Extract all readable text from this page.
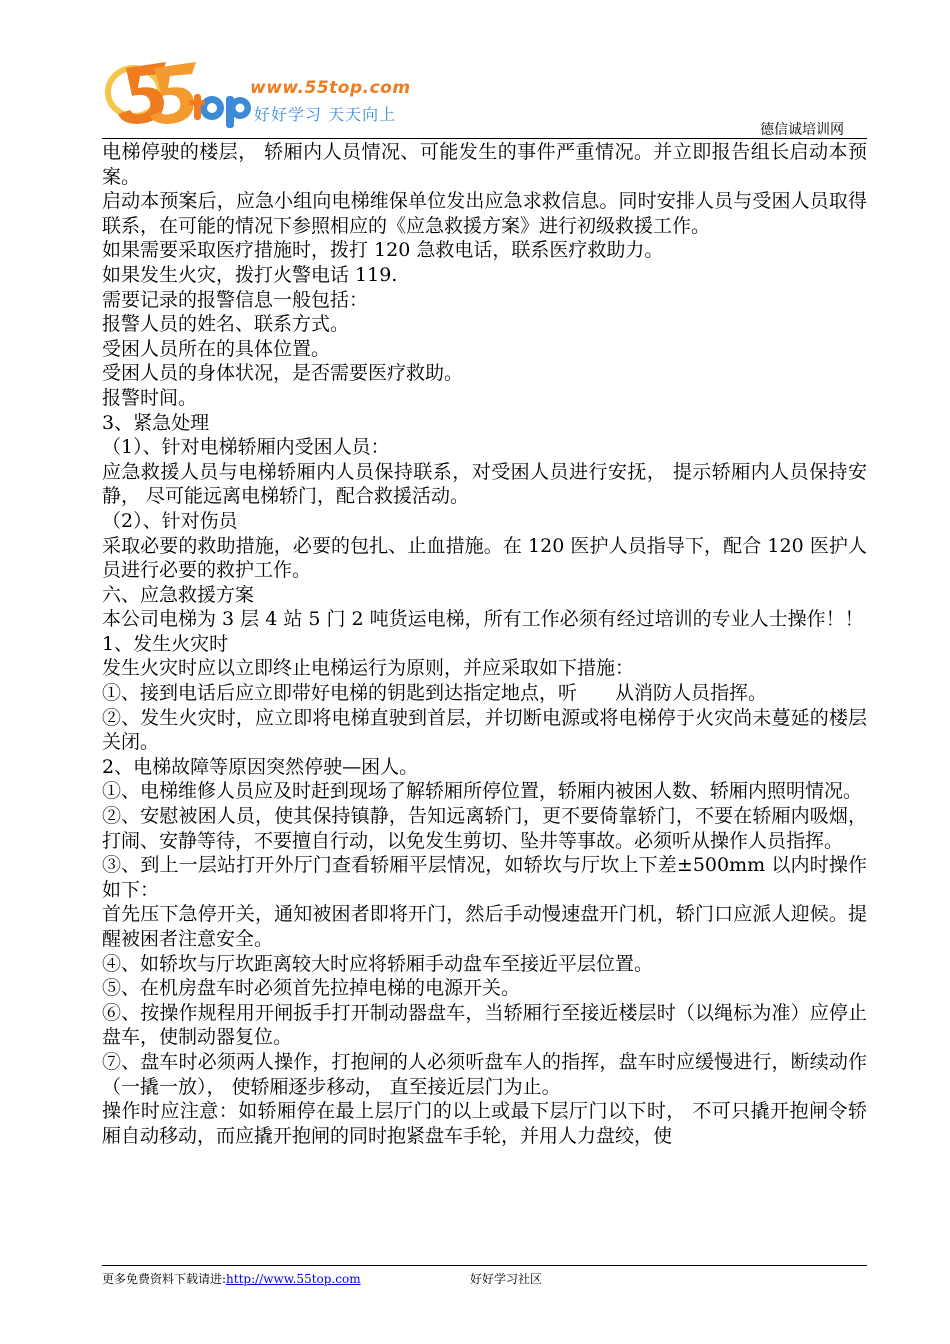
www.55top.com
好好学习 天天向上
德信诚培训网

电梯停驶的楼层， 轿厢内人员情况、可能发生的事件严重情况。并立即报告组长启动本预案。

启动本预案后，应急小组向电梯维保单位发出应急求救信息。同时安排人员与受困人员取得联系，在可能的情况下参照相应的《应急救援方案》进行初级救援工作。

如果需要采取医疗措施时，拨打 120 急救电话，联系医疗救助力。

如果发生火灾，拨打火警电话 119.

需要记录的报警信息一般包括：

报警人员的姓名、联系方式。

受困人员所在的具体位置。

受困人员的身体状况，是否需要医疗救助。

报警时间。

3、紧急处理

（1）、针对电梯轿厢内受困人员：

应急救援人员与电梯轿厢内人员保持联系，对受困人员进行安抚， 提示轿厢内人员保持安静， 尽可能远离电梯轿门，配合救援活动。

（2）、针对伤员

采取必要的救助措施，必要的包扎、止血措施。在 120 医护人员指导下，配合 120 医护人员进行必要的救护工作。

六、应急救援方案

本公司电梯为 3 层 4 站 5 门 2 吨货运电梯，所有工作必须有经过培训的专业人士操作！！

1、发生火灾时

发生火灾时应以立即终止电梯运行为原则，并应采取如下措施：

①、接到电话后应立即带好电梯的钥匙到达指定地点，听　　从消防人员指挥。

②、发生火灾时，应立即将电梯直驶到首层，并切断电源或将电梯停于火灾尚未蔓延的楼层关闭。

2、电梯故障等原因突然停驶—困人。

①、电梯维修人员应及时赶到现场了解轿厢所停位置，轿厢内被困人数、轿厢内照明情况。

②、安慰被困人员，使其保持镇静，告知远离轿门，更不要倚靠轿门，不要在轿厢内吸烟，打闹、安静等待，不要擅自行动，以免发生剪切、坠井等事故。必须听从操作人员指挥。

③、到上一层站打开外厅门查看轿厢平层情况，如轿坎与厅坎上下差±500mm 以内时操作如下：

首先压下急停开关，通知被困者即将开门，然后手动慢速盘开门机，轿门口应派人迎候。提醒被困者注意安全。

④、如轿坎与厅坎距离较大时应将轿厢手动盘车至接近平层位置。

⑤、在机房盘车时必须首先拉掉电梯的电源开关。

⑥、按操作规程用开闸扳手打开制动器盘车，当轿厢行至接近楼层时（以绳标为准）应停止盘车，使制动器复位。

⑦、盘车时必须两人操作，打抱闸的人必须听盘车人的指挥，盘车时应缓慢进行，断续动作（一撬一放）， 使轿厢逐步移动， 直至接近层门为止。

操作时应注意：如轿厢停在最上层厅门的以上或最下层厅门以下时， 不可只撬开抱闸令轿厢自动移动，而应撬开抱闸的同时抱紧盘车手轮，并用人力盘绞，使

更多免费资料下载请进:http://www.55top.com	好好学习社区
